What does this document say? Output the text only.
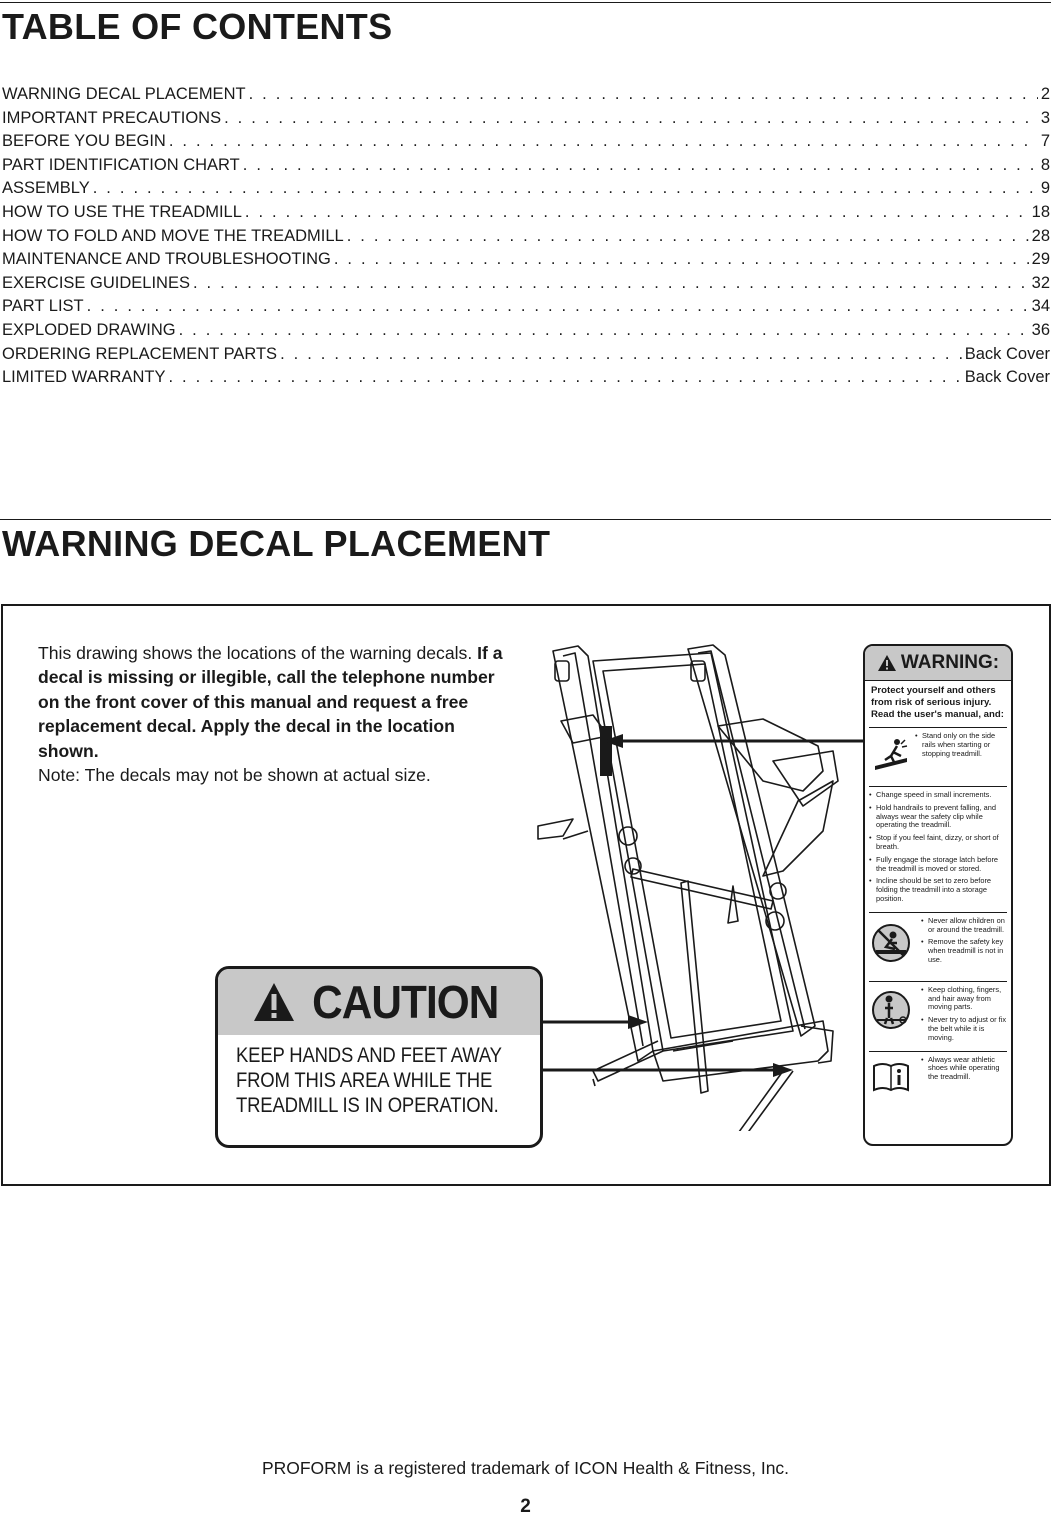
TABLE OF CONTENTS
WARNING DECAL PLACEMENT . . .	2
IMPORTANT PRECAUTIONS . . .	3
BEFORE YOU BEGIN . . .	7
PART IDENTIFICATION CHART . . .	8
ASSEMBLY . . .	9
HOW TO USE THE TREADMILL . . .	18
HOW TO FOLD AND MOVE THE TREADMILL . . .	28
MAINTENANCE AND TROUBLESHOOTING . . .	29
EXERCISE GUIDELINES . . .	32
PART LIST . . .	34
EXPLODED DRAWING . . .	36
ORDERING REPLACEMENT PARTS . . .	Back Cover
LIMITED WARRANTY . . .	Back Cover
WARNING DECAL PLACEMENT

This drawing shows the locations of the warning decals. If a decal is missing or illegible, call the telephone number on the front cover of this manual and request a free replacement decal. Apply the decal in the location shown.
Note: The decals may not be shown at actual size.

CAUTION
KEEP HANDS AND FEET AWAY
FROM THIS AREA WHILE THE
TREADMILL IS IN OPERATION.
WARNING:

Protect yourself and others from risk of serious injury. Read the user's manual, and:

• Stand only on the side rails when starting or stopping treadmill.

• Change speed in small increments.

• Hold handrails to prevent falling, and always wear the safety clip while operating the treadmill.

• Stop if you feel faint, dizzy, or short of breath.

• Fully engage the storage latch before the treadmill is moved or stored.

• Incline should be set to zero before folding the treadmill into a storage position.

• Never allow children on or around the treadmill.

• Remove the safety key when treadmill is not in use.

• Keep clothing, fingers, and hair away from moving parts.

• Never try to adjust or fix the belt while it is moving.

• Always wear athletic shoes while operating the treadmill.

PROFORM is a registered trademark of ICON Health & Fitness, Inc.
2
